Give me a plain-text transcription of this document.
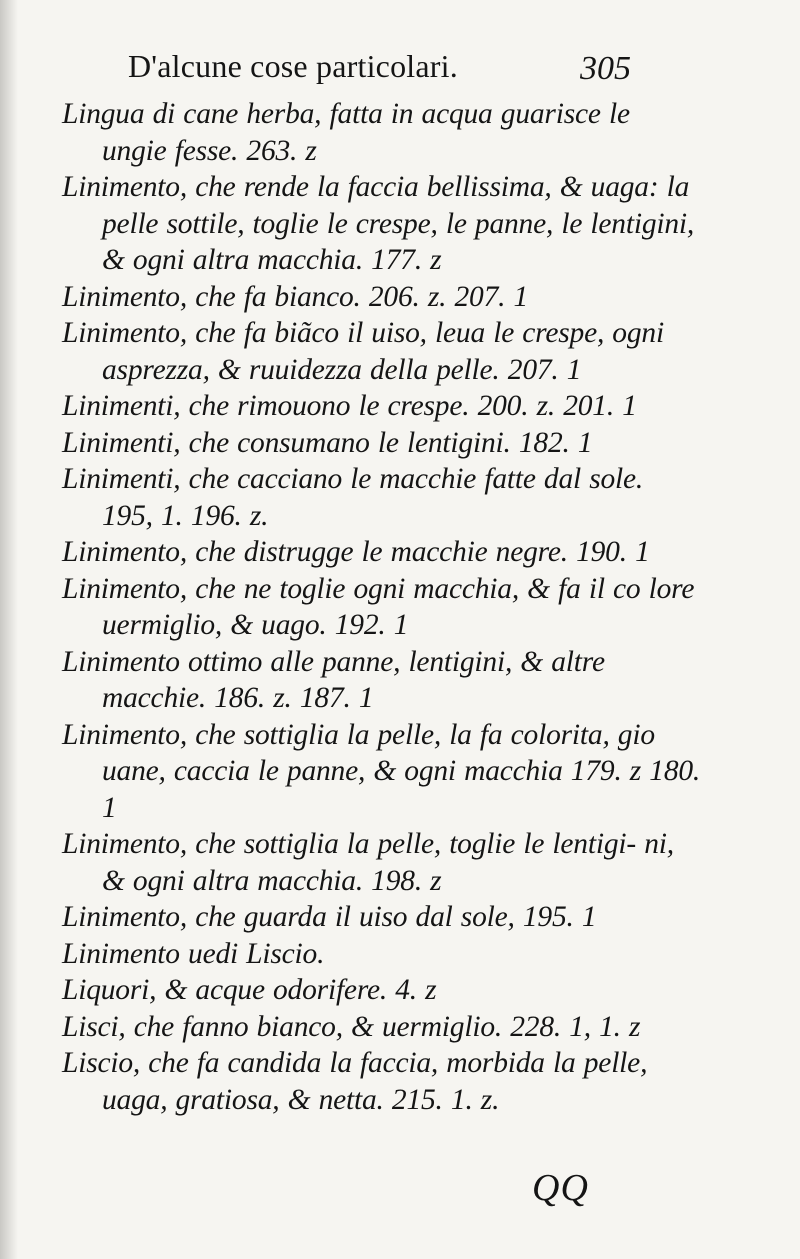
D'alcune cose particolari.	305

Lingua di cane herba, fatta in acqua guarisce le ungie fesse. 263. z

Linimento, che rende la faccia bellissima, & uaga: la pelle sottile, toglie le crespe, le panne, le lentigini, & ogni altra macchia. 177. z

Linimento, che fa bianco. 206. z. 207. 1

Linimento, che fa biãco il uiso, leua le crespe, ogni asprezza, & ruuidezza della pelle. 207. 1

Linimenti, che rimouono le crespe. 200. z. 201. 1

Linimenti, che consumano le lentigini. 182. 1

Linimenti, che cacciano le macchie fatte dal sole. 195, 1. 196. z.

Linimento, che distrugge le macchie negre. 190. 1

Linimento, che ne toglie ogni macchia, & fa il co lore uermiglio, & uago. 192. 1

Linimento ottimo alle panne, lentigini, & altre macchie. 186. z. 187. 1

Linimento, che sottiglia la pelle, la fa colorita, gio uane, caccia le panne, & ogni macchia 179. z 180. 1

Linimento, che sottiglia la pelle, toglie le lentigi- ni, & ogni altra macchia. 198. z

Linimento, che guarda il uiso dal sole, 195. 1

Linimento uedi Liscio.

Liquori, & acque odorifere. 4. z

Lisci, che fanno bianco, & uermiglio. 228. 1, 1. z

Liscio, che fa candida la faccia, morbida la pelle, uaga, gratiosa, & netta. 215. 1. z.

QQ
